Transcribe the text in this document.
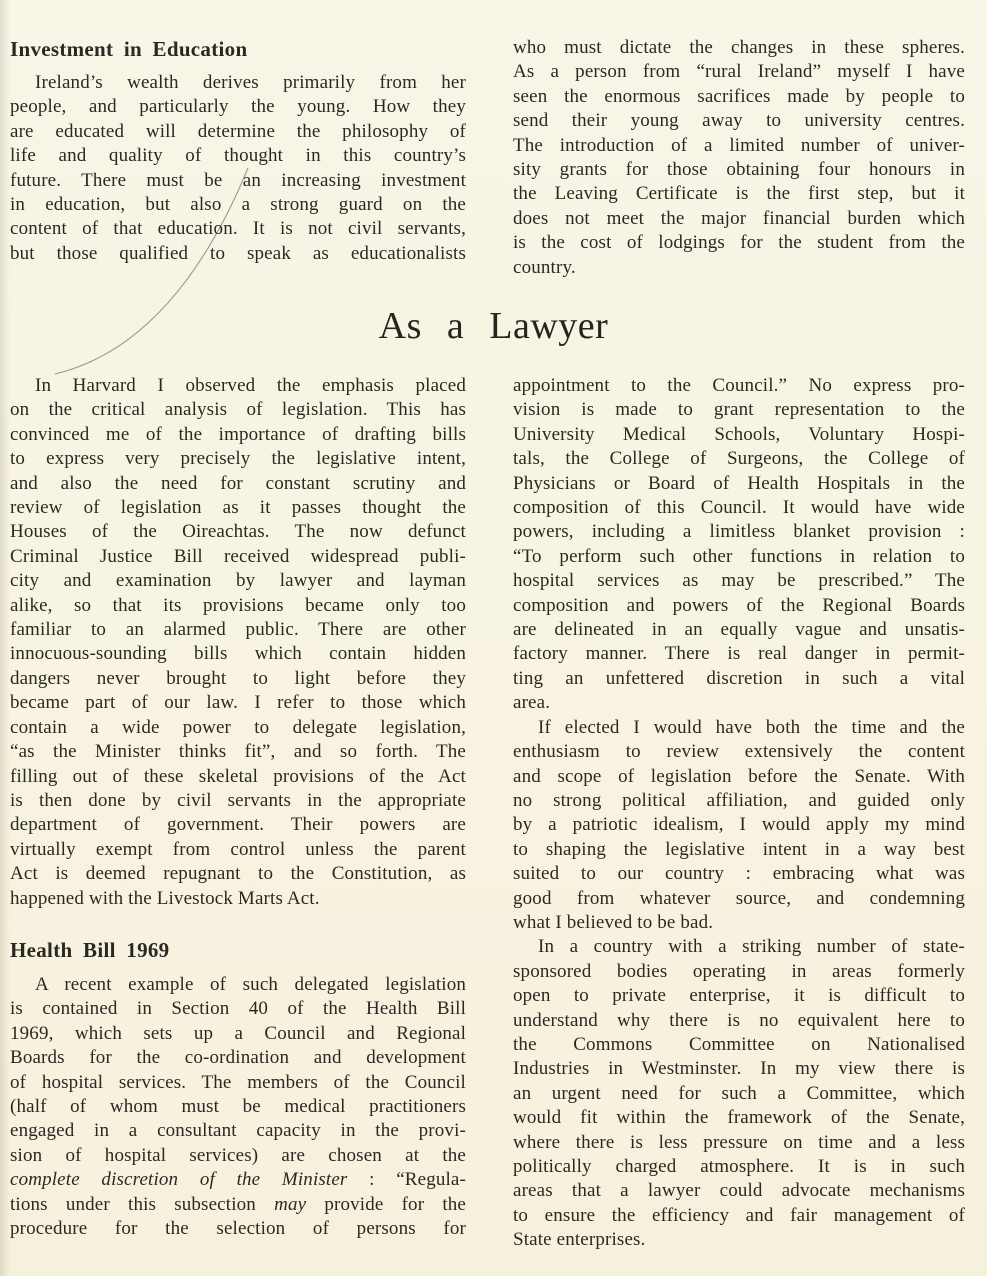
Investment in Education
Ireland’s wealth derives primarily from her
people, and particularly the young. How they
are educated will determine the philosophy of
life and quality of thought in this country’s
future. There must be an increasing investment
in education, but also a strong guard on the
content of that education. It is not civil servants,
but those qualified to speak as educationalists
who must dictate the changes in these spheres.
As a person from “rural Ireland” myself I have
seen the enormous sacrifices made by people to
send their young away to university centres.
The introduction of a limited number of univer-
sity grants for those obtaining four honours in
the Leaving Certificate is the first step, but it
does not meet the major financial burden which
is the cost of lodgings for the student from the
country.
As a Lawyer
In Harvard I observed the emphasis placed
on the critical analysis of legislation. This has
convinced me of the importance of drafting bills
to express very precisely the legislative intent,
and also the need for constant scrutiny and
review of legislation as it passes thought the
Houses of the Oireachtas. The now defunct
Criminal Justice Bill received widespread publi-
city and examination by lawyer and layman
alike, so that its provisions became only too
familiar to an alarmed public. There are other
innocuous-sounding bills which contain hidden
dangers never brought to light before they
became part of our law. I refer to those which
contain a wide power to delegate legislation,
“as the Minister thinks fit”, and so forth. The
filling out of these skeletal provisions of the Act
is then done by civil servants in the appropriate
department of government. Their powers are
virtually exempt from control unless the parent
Act is deemed repugnant to the Constitution, as
happened with the Livestock Marts Act.
Health Bill 1969
A recent example of such delegated legislation
is contained in Section 40 of the Health Bill
1969, which sets up a Council and Regional
Boards for the co-ordination and development
of hospital services. The members of the Council
(half of whom must be medical practitioners
engaged in a consultant capacity in the provi-
sion of hospital services) are chosen at the
complete discretion of the Minister : “Regula-
tions under this subsection may provide for the
procedure for the selection of persons for
appointment to the Council.” No express pro-
vision is made to grant representation to the
University Medical Schools, Voluntary Hospi-
tals, the College of Surgeons, the College of
Physicians or Board of Health Hospitals in the
composition of this Council. It would have wide
powers, including a limitless blanket provision :
“To perform such other functions in relation to
hospital services as may be prescribed.” The
composition and powers of the Regional Boards
are delineated in an equally vague and unsatis-
factory manner. There is real danger in permit-
ting an unfettered discretion in such a vital
area.
If elected I would have both the time and the
enthusiasm to review extensively the content
and scope of legislation before the Senate. With
no strong political affiliation, and guided only
by a patriotic idealism, I would apply my mind
to shaping the legislative intent in a way best
suited to our country : embracing what was
good from whatever source, and condemning
what I believed to be bad.
In a country with a striking number of state-
sponsored bodies operating in areas formerly
open to private enterprise, it is difficult to
understand why there is no equivalent here to
the Commons Committee on Nationalised
Industries in Westminster. In my view there is
an urgent need for such a Committee, which
would fit within the framework of the Senate,
where there is less pressure on time and a less
politically charged atmosphere. It is in such
areas that a lawyer could advocate mechanisms
to ensure the efficiency and fair management of
State enterprises.
